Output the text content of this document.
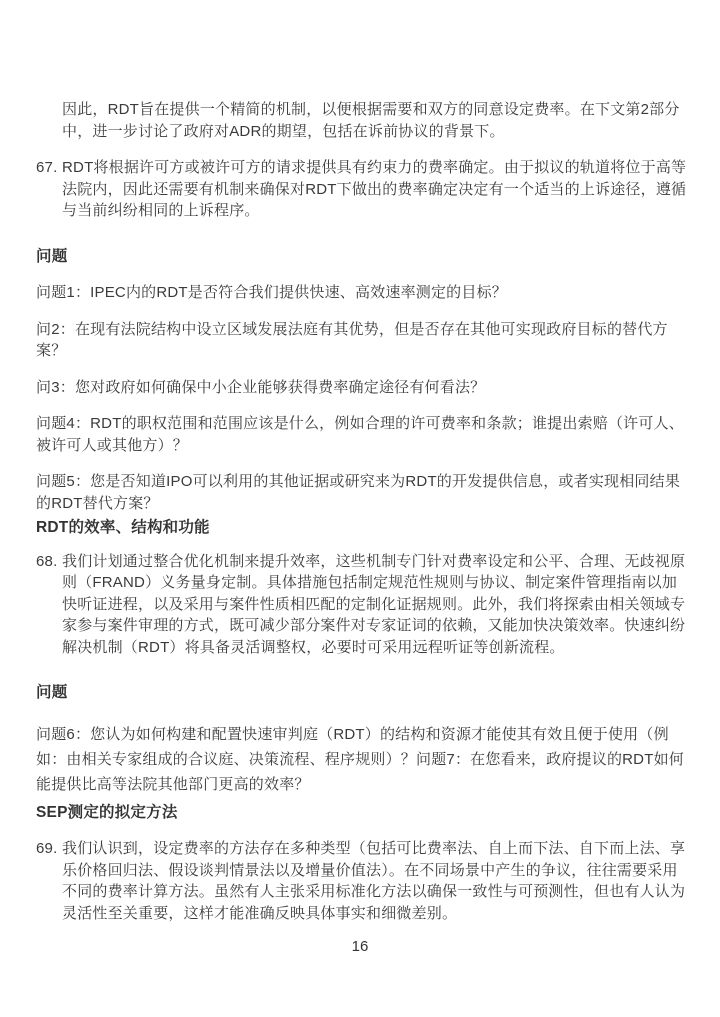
因此，RDT旨在提供一个精简的机制，以便根据需要和双方的同意设定费率。在下文第2部分中，进一步讨论了政府对ADR的期望，包括在诉前协议的背景下。

67. RDT将根据许可方或被许可方的请求提供具有约束力的费率确定。由于拟议的轨道将位于高等法院内，因此还需要有机制来确保对RDT下做出的费率确定决定有一个适当的上诉途径，遵循与当前纠纷相同的上诉程序。
问题

问题1：IPEC内的RDT是否符合我们提供快速、高效速率测定的目标？

问2：在现有法院结构中设立区域发展法庭有其优势，但是否存在其他可实现政府目标的替代方案？

问3：您对政府如何确保中小企业能够获得费率确定途径有何看法？

问题4：RDT的职权范围和范围应该是什么，例如合理的许可费率和条款；谁提出索赔（许可人、被许可人或其他方）？

问题5：您是否知道IPO可以利用的其他证据或研究来为RDT的开发提供信息，或者实现相同结果的RDT替代方案？

RDT的效率、结构和功能
68. 我们计划通过整合优化机制来提升效率，这些机制专门针对费率设定和公平、合理、无歧视原则（FRAND）义务量身定制。具体措施包括制定规范性规则与协议、制定案件管理指南以加快听证进程，以及采用与案件性质相匹配的定制化证据规则。此外，我们将探索由相关领域专家参与案件审理的方式，既可减少部分案件对专家证词的依赖，又能加快决策效率。快速纠纷解决机制（RDT）将具备灵活调整权，必要时可采用远程听证等创新流程。
问题

问题6：您认为如何构建和配置快速审判庭（RDT）的结构和资源才能使其有效且便于使用（例如：由相关专家组成的合议庭、决策流程、程序规则）？问题7：在您看来，政府提议的RDT如何能提供比高等法院其他部门更高的效率？

SEP测定的拟定方法
69. 我们认识到，设定费率的方法存在多种类型（包括可比费率法、自上而下法、自下而上法、享乐价格回归法、假设谈判情景法以及增量价值法）。在不同场景中产生的争议，往往需要采用不同的费率计算方法。虽然有人主张采用标准化方法以确保一致性与可预测性，但也有人认为灵活性至关重要，这样才能准确反映具体事实和细微差别。
16
